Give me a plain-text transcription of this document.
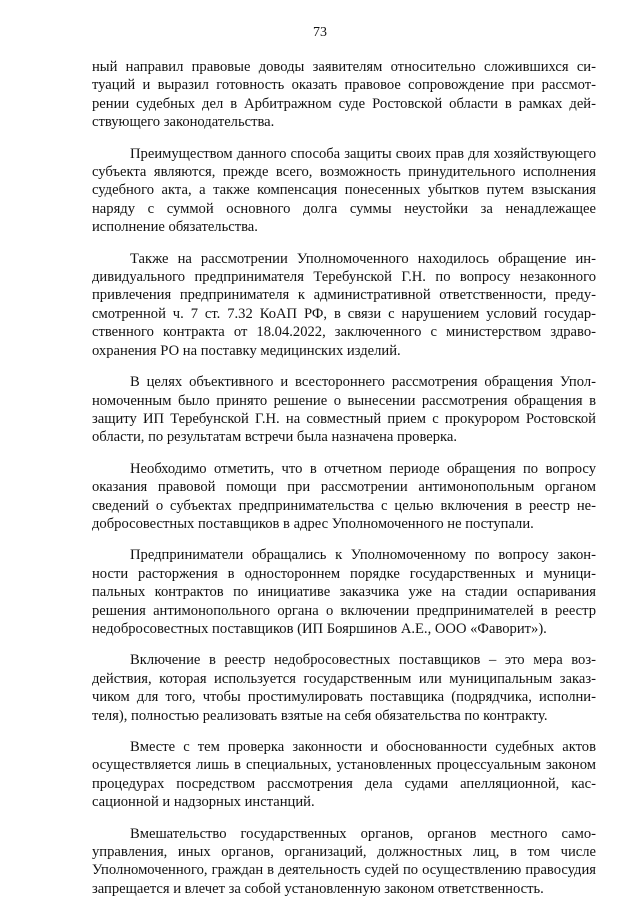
73

ный направил правовые доводы заявителям относительно сложившихся ситуаций и выразил готовность оказать правовое сопровождение при рассмотрении судебных дел в Арбитражном суде Ростовской области в рамках действующего законодательства.

Преимуществом данного способа защиты своих прав для хозяйствующего субъекта являются, прежде всего, возможность принудительного исполнения судебного акта, а также компенсация понесенных убытков путем взыскания наряду с суммой основного долга суммы неустойки за ненадлежащее исполнение обязательства.

Также на рассмотрении Уполномоченного находилось обращение индивидуального предпринимателя Теребунской Г.Н. по вопросу незаконного привлечения предпринимателя к административной ответственности, предусмотренной ч. 7 ст. 7.32 КоАП РФ, в связи с нарушением условий государственного контракта от 18.04.2022, заключенного с министерством здравоохранения РО на поставку медицинских изделий.

В целях объективного и всестороннего рассмотрения обращения Уполномоченным было принято решение о вынесении рассмотрения обращения в защиту ИП Теребунской Г.Н. на совместный прием с прокурором Ростовской области, по результатам встречи была назначена проверка.

Необходимо отметить, что в отчетном периоде обращения по вопросу оказания правовой помощи при рассмотрении антимонопольным органом сведений о субъектах предпринимательства с целью включения в реестр недобросовестных поставщиков в адрес Уполномоченного не поступали.

Предприниматели обращались к Уполномоченному по вопросу законности расторжения в одностороннем порядке государственных и муниципальных контрактов по инициативе заказчика уже на стадии оспаривания решения антимонопольного органа о включении предпринимателей в реестр недобросовестных поставщиков (ИП Бояршинов А.Е., ООО «Фаворит»).

Включение в реестр недобросовестных поставщиков – это мера воздействия, которая используется государственным или муниципальным заказчиком для того, чтобы простимулировать поставщика (подрядчика, исполнителя), полностью реализовать взятые на себя обязательства по контракту.

Вместе с тем проверка законности и обоснованности судебных актов осуществляется лишь в специальных, установленных процессуальным законом процедурах посредством рассмотрения дела судами апелляционной, кассационной и надзорных инстанций.

Вмешательство государственных органов, органов местного самоуправления, иных органов, организаций, должностных лиц, в том числе Уполномоченного, граждан в деятельность судей по осуществлению правосудия запрещается и влечет за собой установленную законом ответственность.
